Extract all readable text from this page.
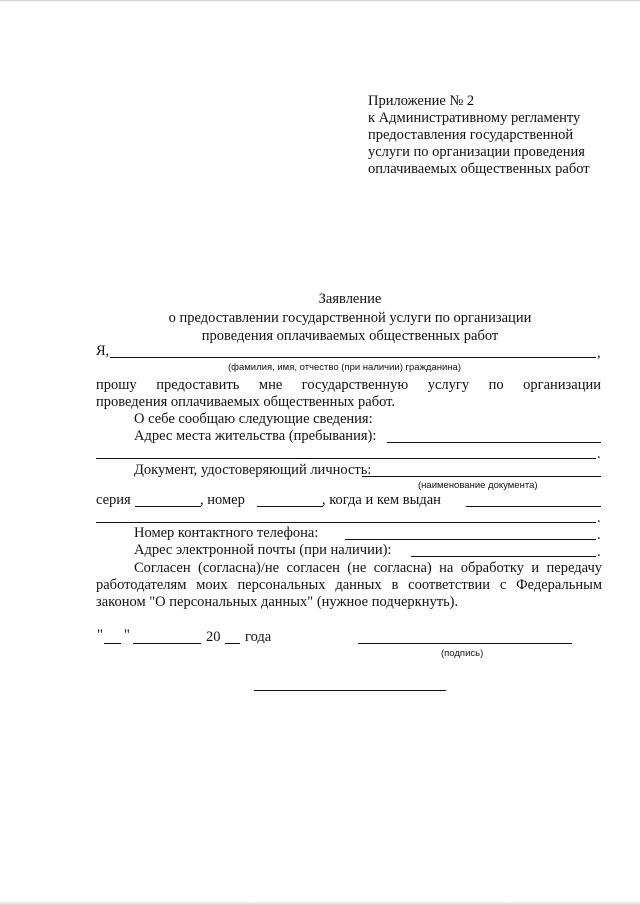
Приложение № 2
к Административному регламенту
предоставления государственной
услуги по организации проведения
оплачиваемых общественных работ
Заявление
о предоставлении государственной услуги по организации
проведения оплачиваемых общественных работ
Я,	,
(фамилия, имя, отчество (при наличии) гражданина)
прошу предоставить мне государственную услугу по организации
проведения оплачиваемых общественных работ.
О себе сообщаю следующие сведения:
Адрес места жительства (пребывания):
.
Документ, удостоверяющий личность:
(наименование документа)
серия	, номер	, когда и кем выдан
.
Номер контактного телефона:	.
Адрес электронной почты (при наличии):	.
Согласен (согласна)/не согласен (не согласна) на обработку и передачу
работодателям моих персональных данных в соответствии с Федеральным
законом "О персональных данных" (нужное подчеркнуть).
" "	20 года
(подпись)
